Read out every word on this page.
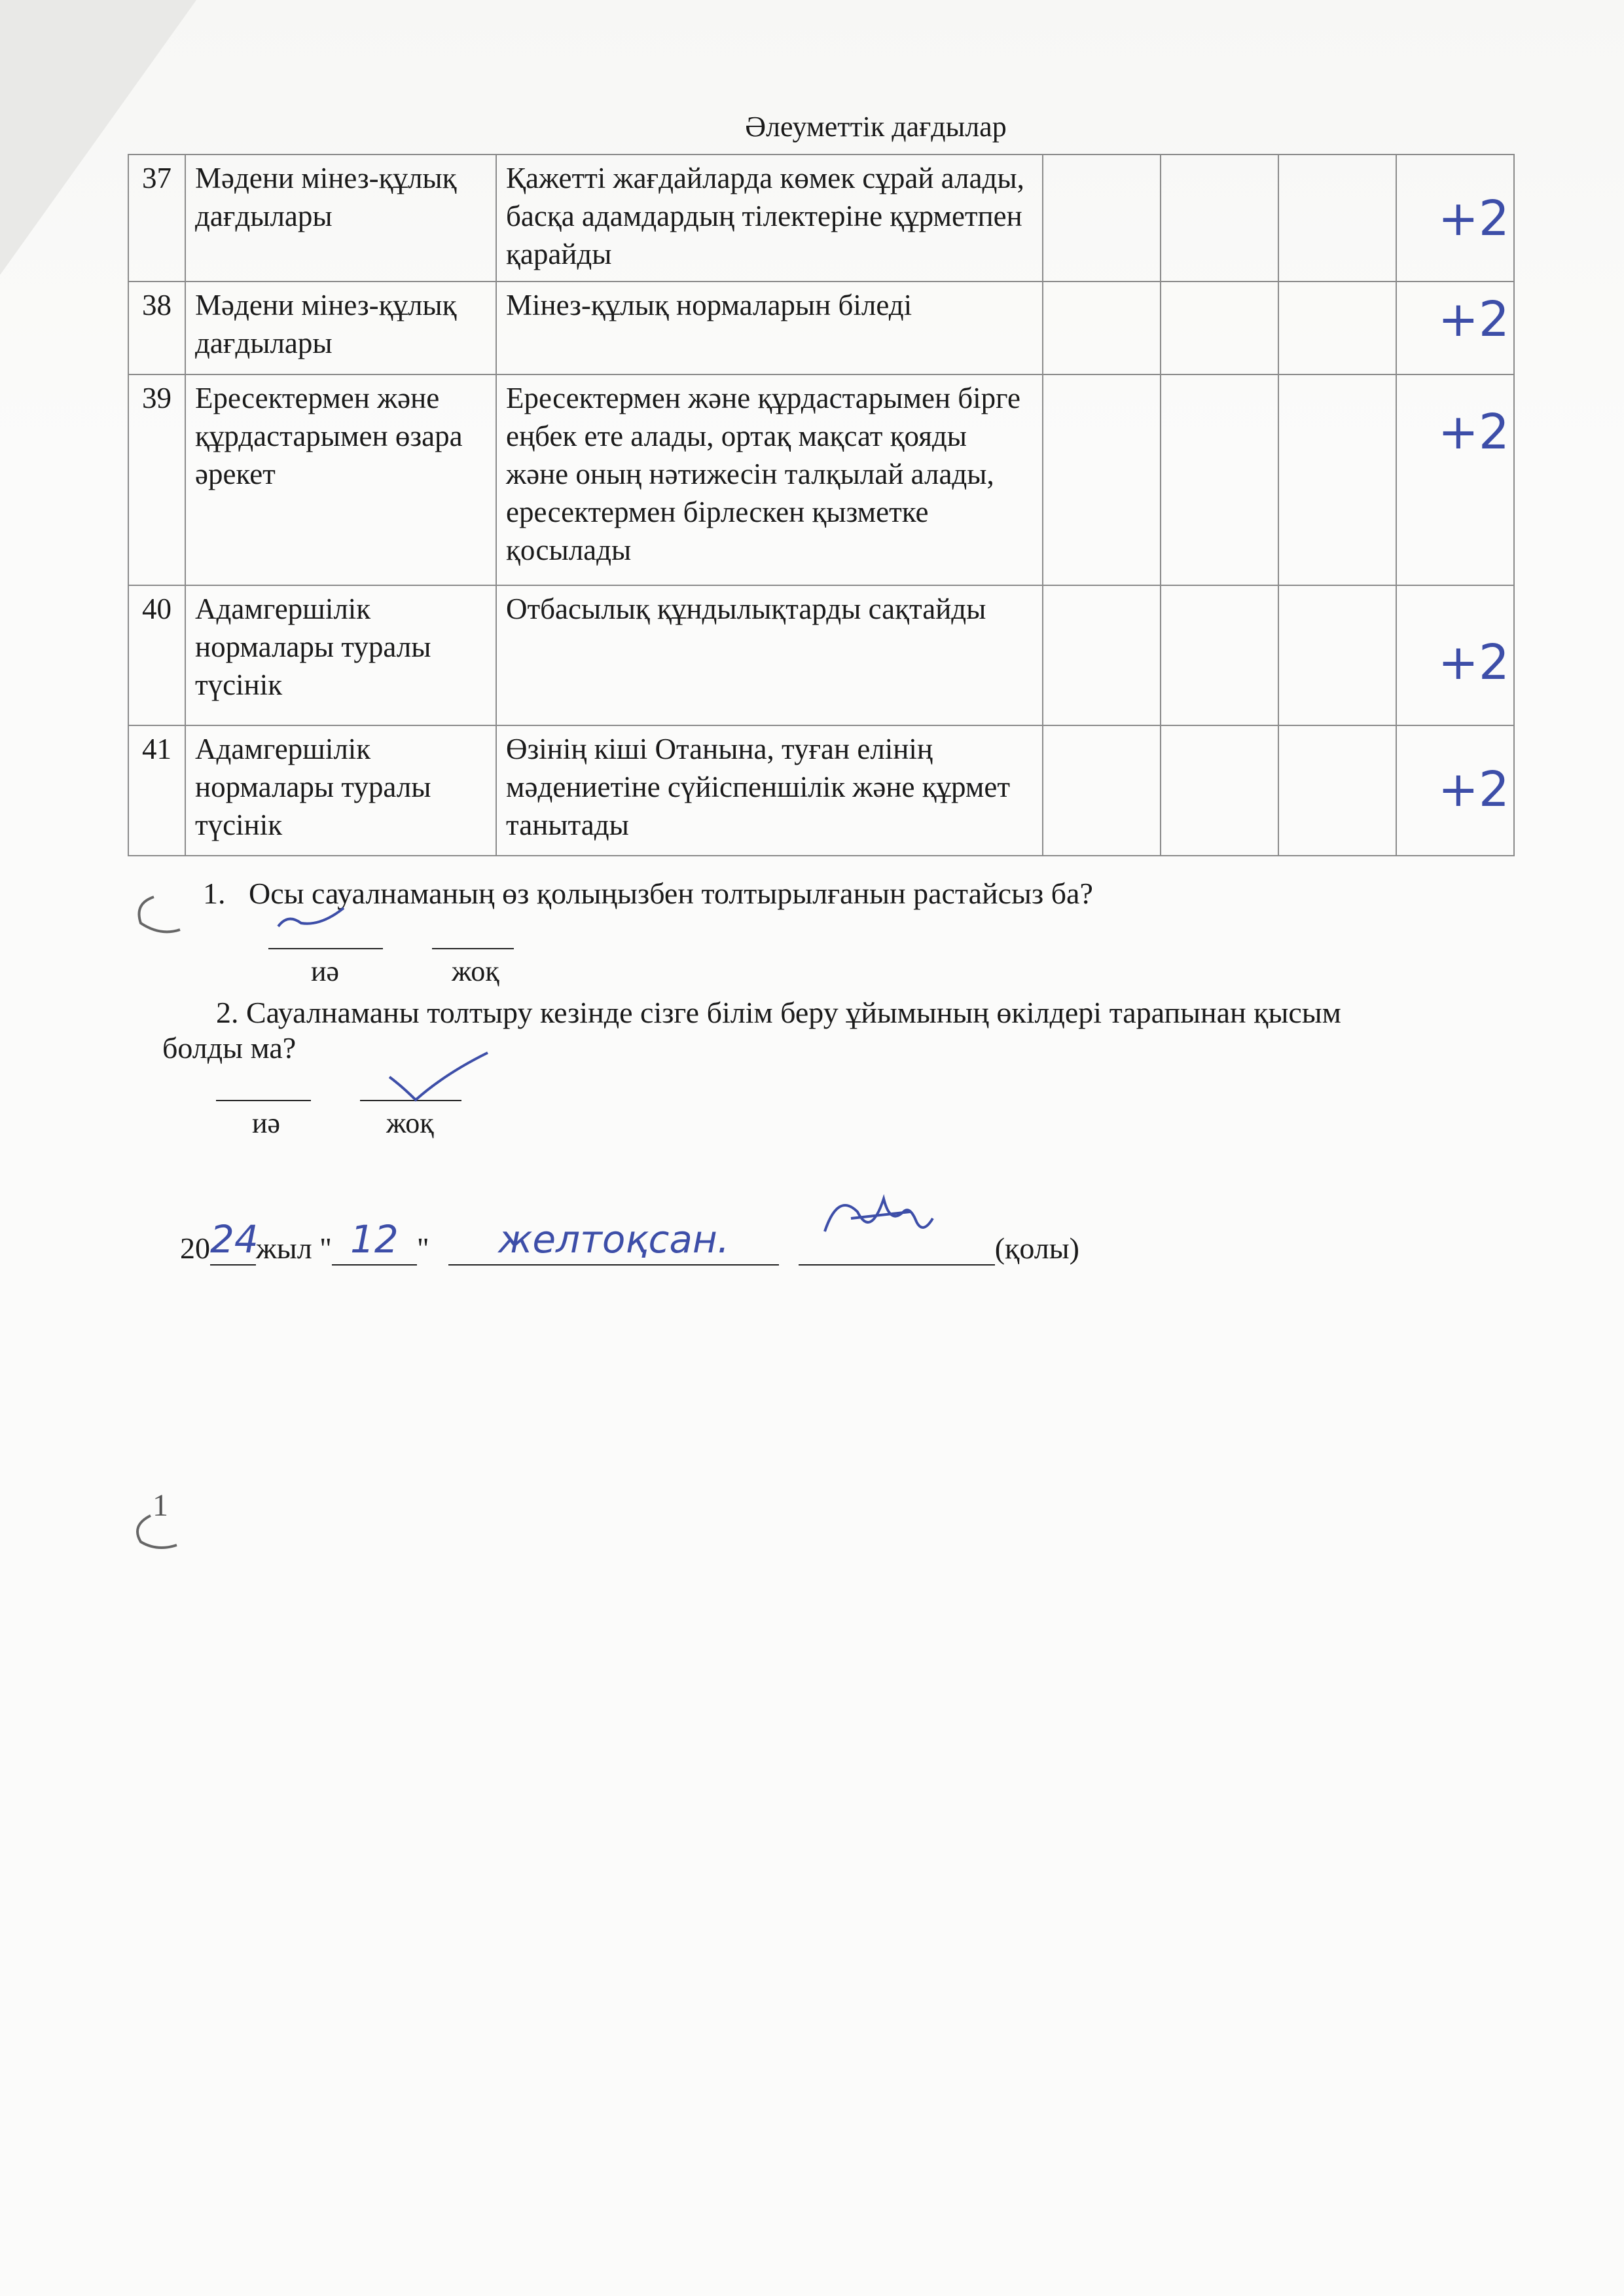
Әлеуметтік дағдылар
37	Мәдени мінез-құлық дағдылары	Қажетті жағдайларда көмек сұрай алады, басқа адамдардың тілектеріне құрметпен қарайды				+2

38	Мәдени мінез-құлық дағдылары	Мінез-құлық нормаларын біледі				+2

39	Ересектермен және құрдастарымен өзара әрекет	Ересектермен және құрдастарымен бірге еңбек ете алады, ортақ мақсат қояды және оның нәтижесін талқылай алады, ересектермен бірлескен қызметке қосылады				+2

40	Адамгершілік нормалары туралы түсінік	Отбасылық құндылықтарды сақтайды				+2

41	Адамгершілік нормалары туралы түсінік	Өзінің кіші Отанына, туған елінің мәдениетіне сүйіспеншілік және құрмет танытады				+2
1. Осы сауалнаманың өз қолыңызбен толтырылғанын растайсыз ба?
иә	жоқ
2. Сауалнаманы толтыру кезінде сізге білім беру ұйымының өкілдері тарапынан қысым
болды ма?
иә	жоқ
20 24
жыл " 12 "	желтоқсан.
	(қолы)
1
